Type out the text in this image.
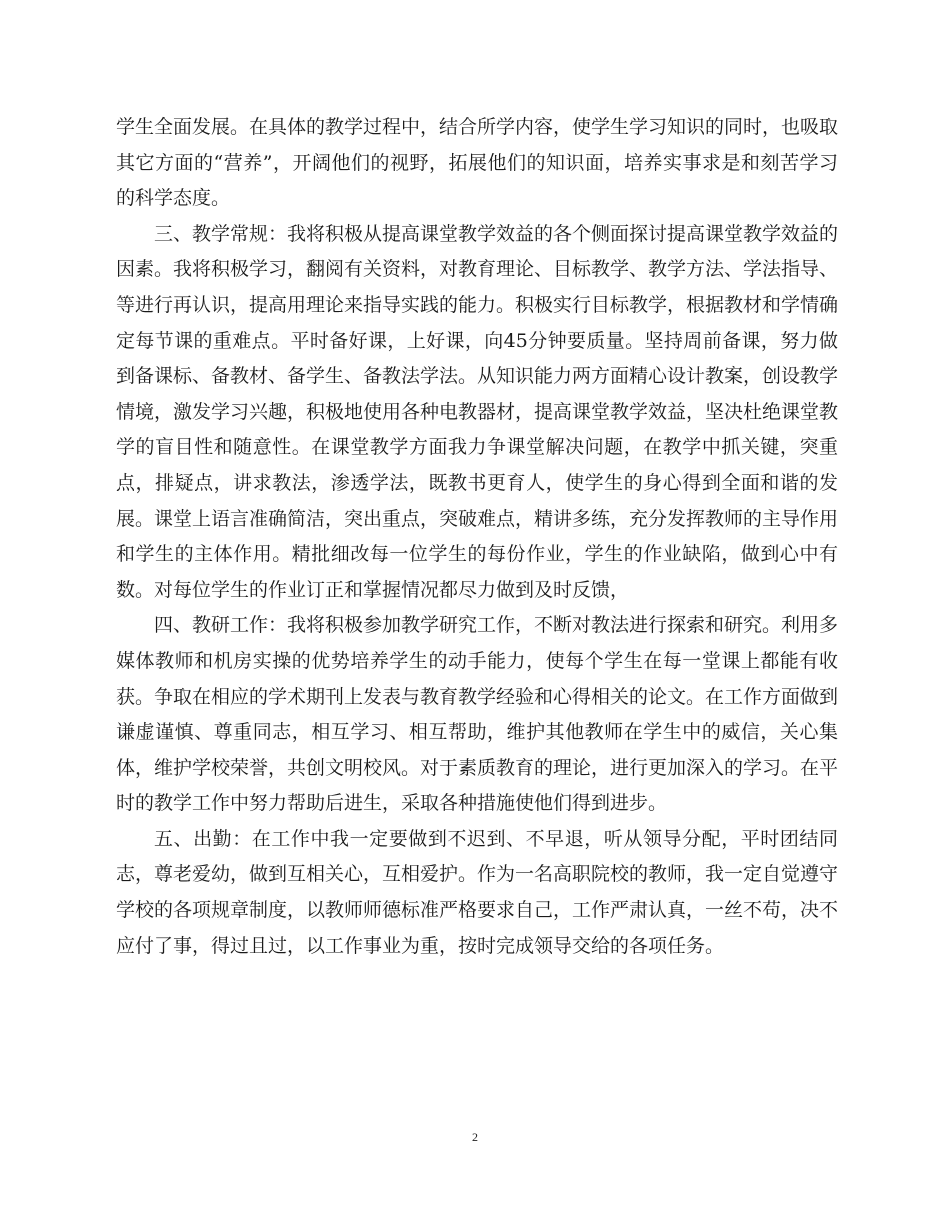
学生全面发展。在具体的教学过程中，结合所学内容，使学生学习知识的同时，也吸取其它方面的“营养”，开阔他们的视野，拓展他们的知识面，培养实事求是和刻苦学习的科学态度。

三、教学常规：我将积极从提高课堂教学效益的各个侧面探讨提高课堂教学效益的因素。我将积极学习，翻阅有关资料，对教育理论、目标教学、教学方法、学法指导、等进行再认识，提高用理论来指导实践的能力。积极实行目标教学，根据教材和学情确定每节课的重难点。平时备好课，上好课，向45分钟要质量。坚持周前备课，努力做到备课标、备教材、备学生、备教法学法。从知识能力两方面精心设计教案，创设教学情境，激发学习兴趣，积极地使用各种电教器材，提高课堂教学效益，坚决杜绝课堂教学的盲目性和随意性。在课堂教学方面我力争课堂解决问题，在教学中抓关键，突重点，排疑点，讲求教法，渗透学法，既教书更育人，使学生的身心得到全面和谐的发展。课堂上语言准确简洁，突出重点，突破难点，精讲多练，充分发挥教师的主导作用和学生的主体作用。精批细改每一位学生的每份作业，学生的作业缺陷，做到心中有数。对每位学生的作业订正和掌握情况都尽力做到及时反馈，

四、教研工作：我将积极参加教学研究工作，不断对教法进行探索和研究。利用多媒体教师和机房实操的优势培养学生的动手能力，使每个学生在每一堂课上都能有收获。争取在相应的学术期刊上发表与教育教学经验和心得相关的论文。在工作方面做到谦虚谨慎、尊重同志，相互学习、相互帮助，维护其他教师在学生中的威信，关心集体，维护学校荣誉，共创文明校风。对于素质教育的理论，进行更加深入的学习。在平时的教学工作中努力帮助后进生，采取各种措施使他们得到进步。

五、出勤：在工作中我一定要做到不迟到、不早退，听从领导分配，平时团结同志，尊老爱幼，做到互相关心，互相爱护。作为一名高职院校的教师，我一定自觉遵守学校的各项规章制度，以教师师德标准严格要求自己，工作严肃认真，一丝不苟，决不应付了事，得过且过，以工作事业为重，按时完成领导交给的各项任务。

2
